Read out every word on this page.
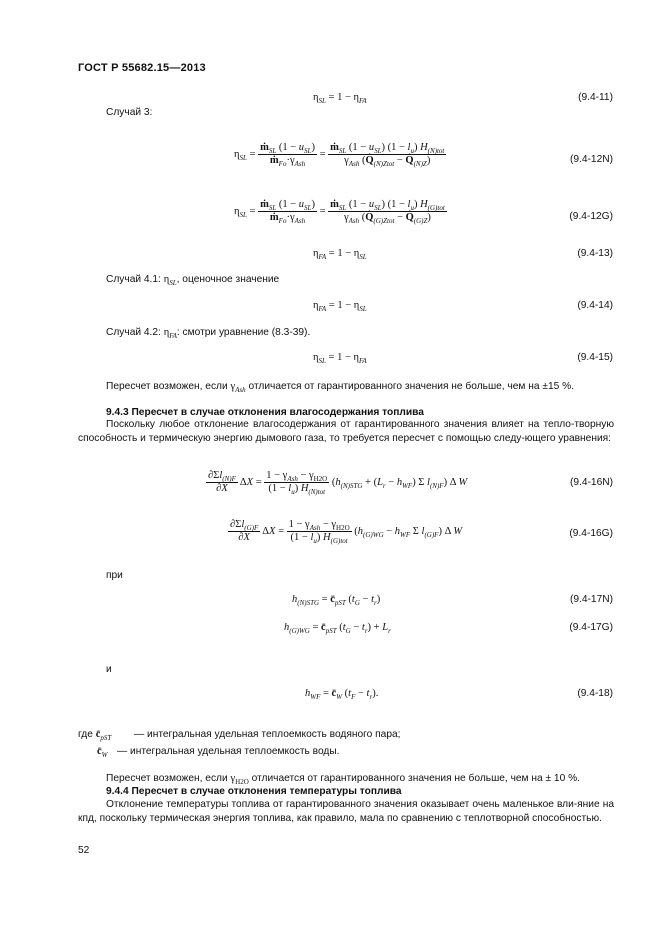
ГОСТ Р 55682.15—2013
$\eta_{SL} = 1 - \eta_{FA}$	(9.4-11)
Случай 3:
$\eta_{SL} = \frac{ṁ_{SL} (1 - u_{SL})}{ṁ_{Fo}\cdot\gamma_{Ash}} = \frac{ṁ_{SL} (1 - u_{SL}) (1 - l_u) H_{(N)tot}}{\gamma_{Ash} (Q̇_{(N)Ztot} - Q̇_{(N)Z})}$	(9.4-12N)
$\eta_{SL} = \frac{ṁ_{SL} (1 - u_{SL})}{ṁ_{Fo}\cdot\gamma_{Ash}} = \frac{ṁ_{SL} (1 - u_{SL}) (1 - l_u) H_{(G)tot}}{\gamma_{Ash} (Q̇_{(G)Ztot} - Q̇_{(G)Z})}$	(9.4-12G)
$\eta_{FA} = 1 - \eta_{SL}$	(9.4-13)
Случай 4.1: $\eta_{SL}$, оценочное значение
$\eta_{FA} = 1 - \eta_{SL}$	(9.4-14)
Случай 4.2: $\eta_{FA}$: смотри уравнение (8.3-39).
$\eta_{SL} = 1 - \eta_{FA}$	(9.4-15)
Пересчет возможен, если $\gamma_{Ash}$ отличается от гарантированного значения не больше, чем на ±15 %.
9.4.3 Пересчет в случае отклонения влагосодержания топлива
Поскольку любое отклонение влагосодержания от гарантированного значения влияет на тепло-творную способность и термическую энергию дымового газа, то требуется пересчет с помощью следу-ющего уравнения:
$\frac{\partial\Sigma l_{(N)F}}{\partial X}$ $\Delta X = \frac{1 - \gamma_{Ash} - \gamma_{H2O}}{(1 - l_u) H_{(N)tot}} (h_{(N)STG} + (L_r - h_{WF})$ Σ $l_{(N)F}$) Δ W	(9.4-16N)
$\frac{\partial\Sigma l_{(G)F}}{\partial X}$ $\Delta X = \frac{1 - \gamma_{Ash} - \gamma_{H2O}}{(1 - l_u) H_{(G)tot}} (h_{(G)WG} - h_{WF}$ Σ $l_{(G)F}$) Δ W	(9.4-16G)
при
$h_{(N)STG}$ = $c̄_{pST}$ $(t_G - t_r)$	(9.4-17N)
$h_{(G)WG}$ = $c̄_{pST}$ $(t_G - t_r) + L_r$	(9.4-17G)
и
$h_{WF}$ = $c̄_W$ $(t_F - t_r)$.	(9.4-18)
где $c̄_{pST}$ — интегральная удельная теплоемкость водяного пара;
$c̄_W$ — интегральная удельная теплоемкость воды.
Пересчет возможен, если $\gamma_{H2O}$ отличается от гарантированного значения не больше, чем на ± 10 %.
9.4.4 Пересчет в случае отклонения температуры топлива
Отклонение температуры топлива от гарантированного значения оказывает очень маленькое вли-яние на кпд, поскольку термическая энергия топлива, как правило, мала по сравнению с теплотворной способностью.
52
